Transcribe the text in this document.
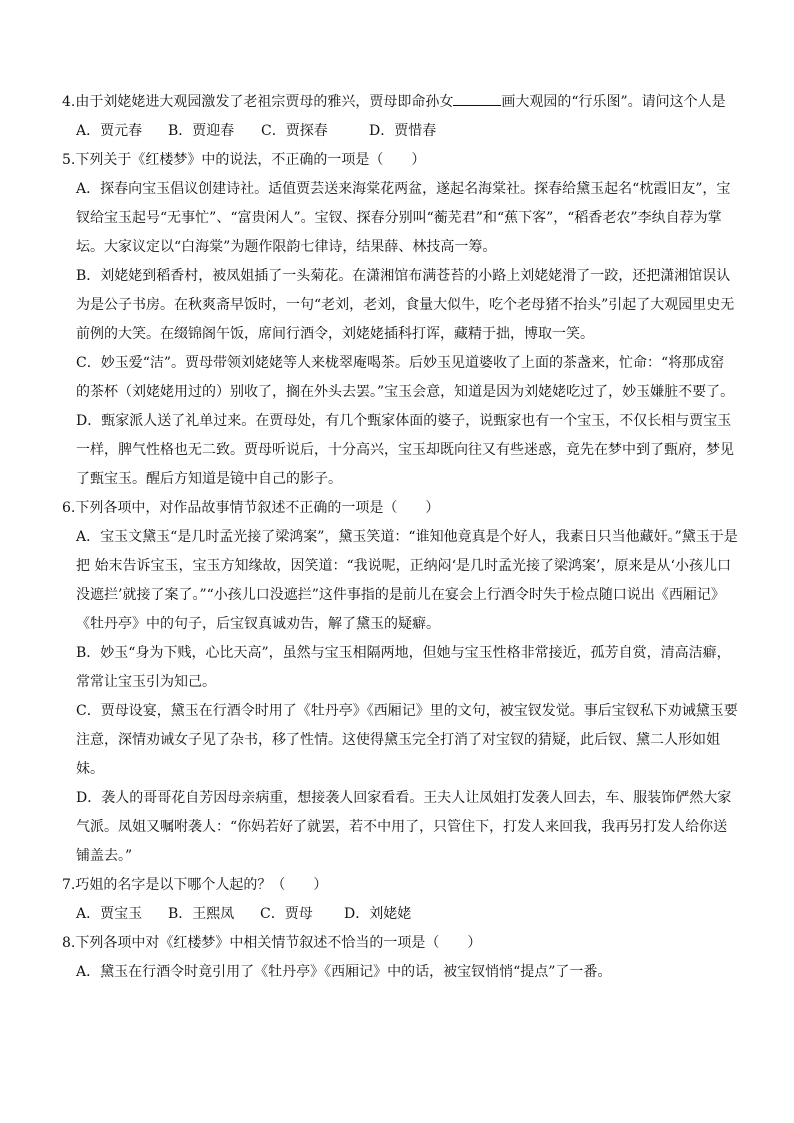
4.由于刘姥姥进大观园激发了老祖宗贾母的雅兴，贾母即命孙女	画大观园的“行乐图”。请问这个人是

A．贾元春	B．贾迎春	C．贾探春	D．贾惜春

5.下列关于《红楼梦》中的说法，不正确的一项是（　　）

A．探春向宝玉倡议创建诗社。适值贾芸送来海棠花两盆，遂起名海棠社。探春给黛玉起名“枕霞旧友”，宝钗给宝玉起号“无事忙”、“富贵闲人”。宝钗、探春分别叫“蘅芜君”和“蕉下客”，“稻香老农”李纨自荐为掌坛。大家议定以“白海棠”为题作限韵七律诗，结果薛、林技高一筹。

B．刘姥姥到稻香村，被凤姐插了一头菊花。在潇湘馆布满苍苔的小路上刘姥姥滑了一跤，还把潇湘馆误认为是公子书房。在秋爽斋早饭时，一句“老刘，老刘，食量大似牛，吃个老母猪不抬头”引起了大观园里史无前例的大笑。在缀锦阁午饭，席间行酒令，刘姥姥插科打诨，藏精于拙，博取一笑。

C．妙玉爱“洁”。贾母带领刘姥姥等人来栊翠庵喝茶。后妙玉见道婆收了上面的茶盏来，忙命：“将那成窑的茶杯（刘姥姥用过的）别收了，搁在外头去罢。”宝玉会意，知道是因为刘姥姥吃过了，妙玉嫌脏不要了。

D．甄家派人送了礼单过来。在贾母处，有几个甄家体面的婆子，说甄家也有一个宝玉，不仅长相与贾宝玉一样，脾气性格也无二致。贾母听说后，十分高兴，宝玉却既向往又有些迷惑，竟先在梦中到了甄府，梦见了甄宝玉。醒后方知道是镜中自己的影子。

6.下列各项中，对作品故事情节叙述不正确的一项是（　　）

A．宝玉文黛玉“是几时孟光接了梁鸿案”，黛玉笑道：“谁知他竟真是个好人，我素日只当他藏奸。”黛玉于是把 始末告诉宝玉，宝玉方知缘故，因笑道：“我说呢，正纳闷‘是几时孟光接了梁鸿案’，原来是从‘小孩儿口没遮拦’就接了案了。”“小孩儿口没遮拦”这件事指的是前儿在宴会上行酒令时失于检点随口说出《西厢记》《牡丹亭》中的句子，后宝钗真诚劝告，解了黛玉的疑癖。

B．妙玉“身为下贱，心比天高”，虽然与宝玉相隔两地，但她与宝玉性格非常接近，孤芳自赏，清高洁癖，常常让宝玉引为知己。

C．贾母设宴，黛玉在行酒令时用了《牡丹亭》《西厢记》里的文句，被宝钗发觉。事后宝钗私下劝诫黛玉要注意，深情劝诫女子见了杂书，移了性情。这使得黛玉完全打消了对宝钗的猜疑，此后钗、黛二人形如姐妹。

D．袭人的哥哥花自芳因母亲病重，想接袭人回家看看。王夫人让凤姐打发袭人回去，车、服装饰俨然大家气派。凤姐又嘱咐袭人：“你妈若好了就罢，若不中用了，只管住下，打发人来回我，我再另打发人给你送铺盖去。”

7.巧姐的名字是以下哪个人起的？（　　）

A．贾宝玉	B．王熙凤	C．贾母	D．刘姥姥

8.下列各项中对《红楼梦》中相关情节叙述不恰当的一项是（　　）

A．黛玉在行酒令时竟引用了《牡丹亭》《西厢记》中的话，被宝钗悄悄“提点”了一番。
